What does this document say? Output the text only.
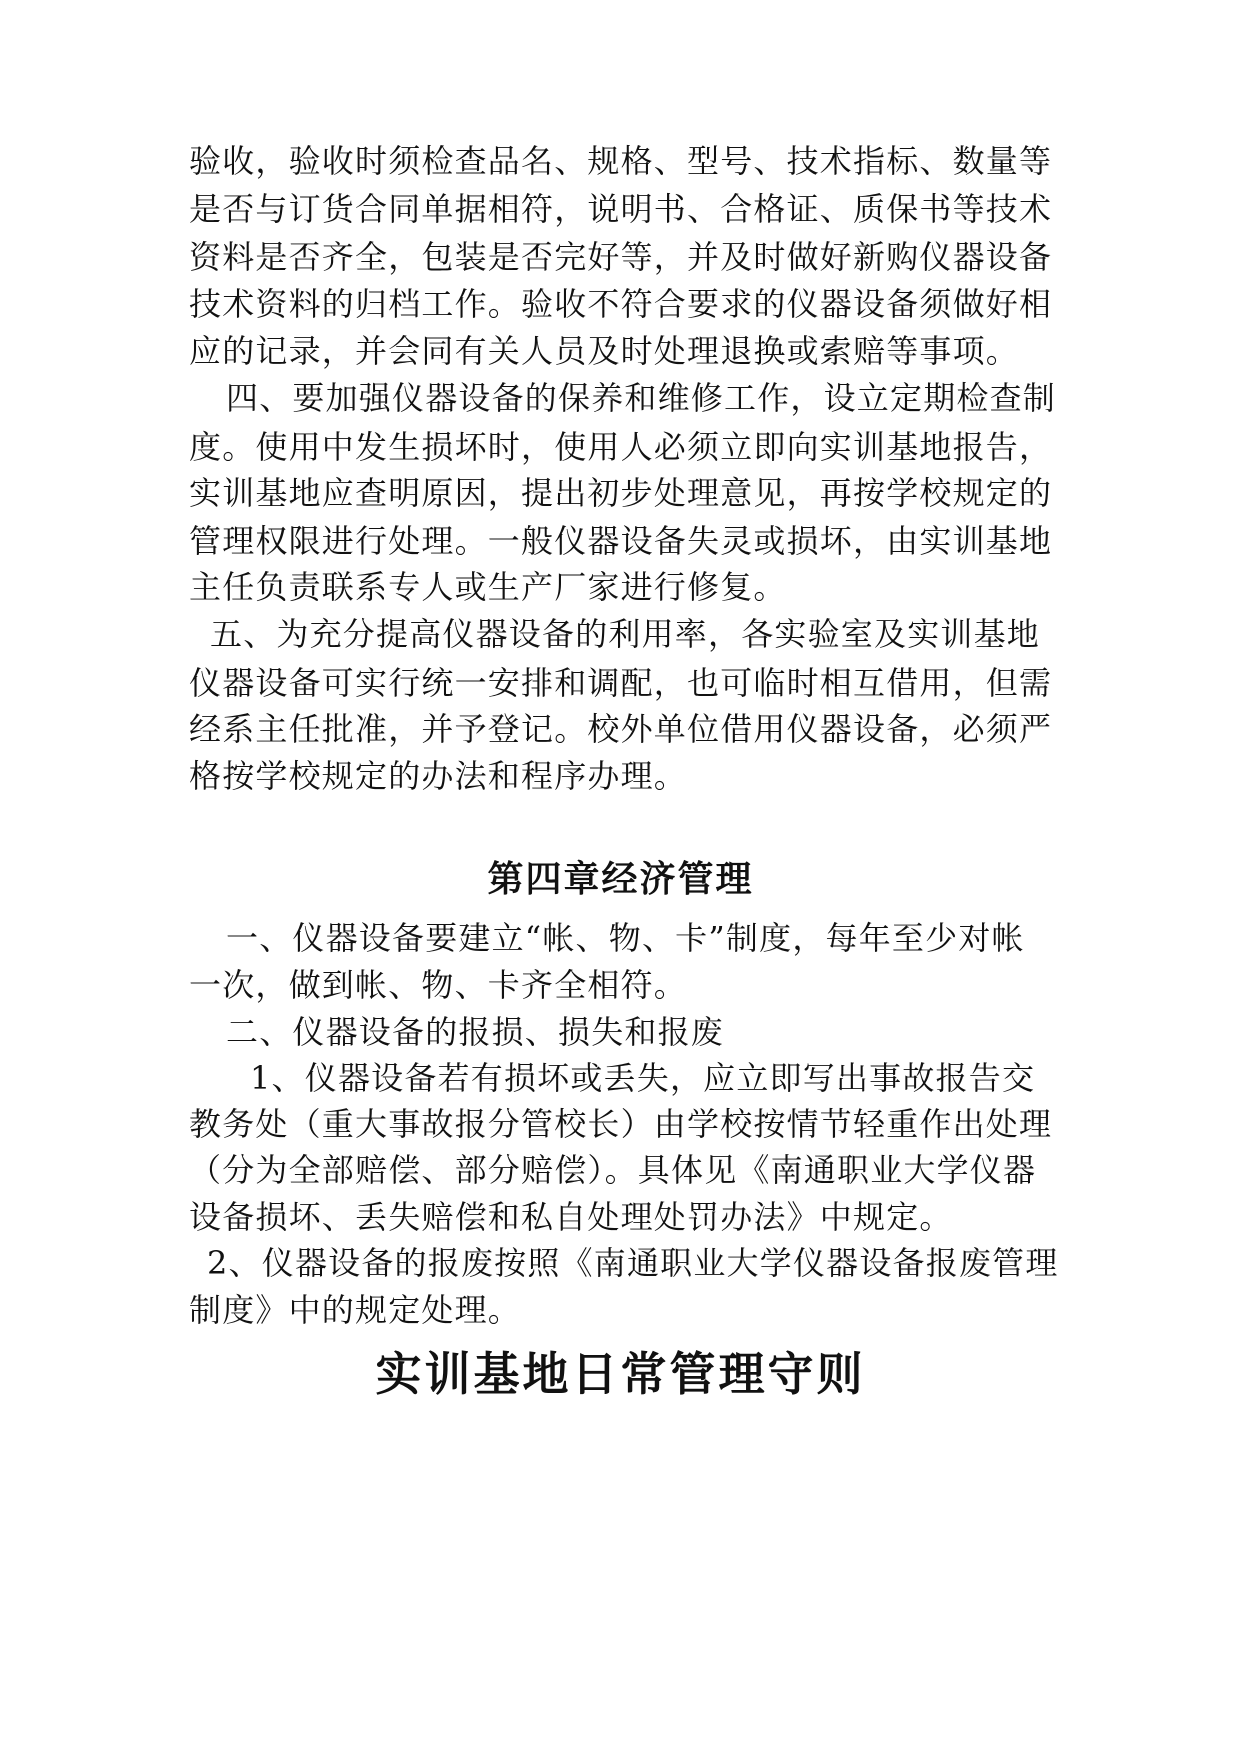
验收，验收时须检查品名、规格、型号、技术指标、数量等
是否与订货合同单据相符，说明书、合格证、质保书等技术
资料是否齐全，包装是否完好等，并及时做好新购仪器设备
技术资料的归档工作。验收不符合要求的仪器设备须做好相
应的记录，并会同有关人员及时处理退换或索赔等事项。
四、要加强仪器设备的保养和维修工作，设立定期检查制
度。使用中发生损坏时，使用人必须立即向实训基地报告，
实训基地应查明原因，提出初步处理意见，再按学校规定的
管理权限进行处理。一般仪器设备失灵或损坏，由实训基地
主任负责联系专人或生产厂家进行修复。
五、为充分提高仪器设备的利用率，各实验室及实训基地
仪器设备可实行统一安排和调配，也可临时相互借用，但需
经系主任批准，并予登记。校外单位借用仪器设备，必须严
格按学校规定的办法和程序办理。
第四章经济管理
一、仪器设备要建立“帐、物、卡”制度，每年至少对帐
一次，做到帐、物、卡齐全相符。
二、仪器设备的报损、损失和报废
1、仪器设备若有损坏或丢失，应立即写出事故报告交
教务处（重大事故报分管校长）由学校按情节轻重作出处理
（分为全部赔偿、部分赔偿）。具体见《南通职业大学仪器
设备损坏、丢失赔偿和私自处理处罚办法》中规定。
2、仪器设备的报废按照《南通职业大学仪器设备报废管理
制度》中的规定处理。
实训基地日常管理守则
